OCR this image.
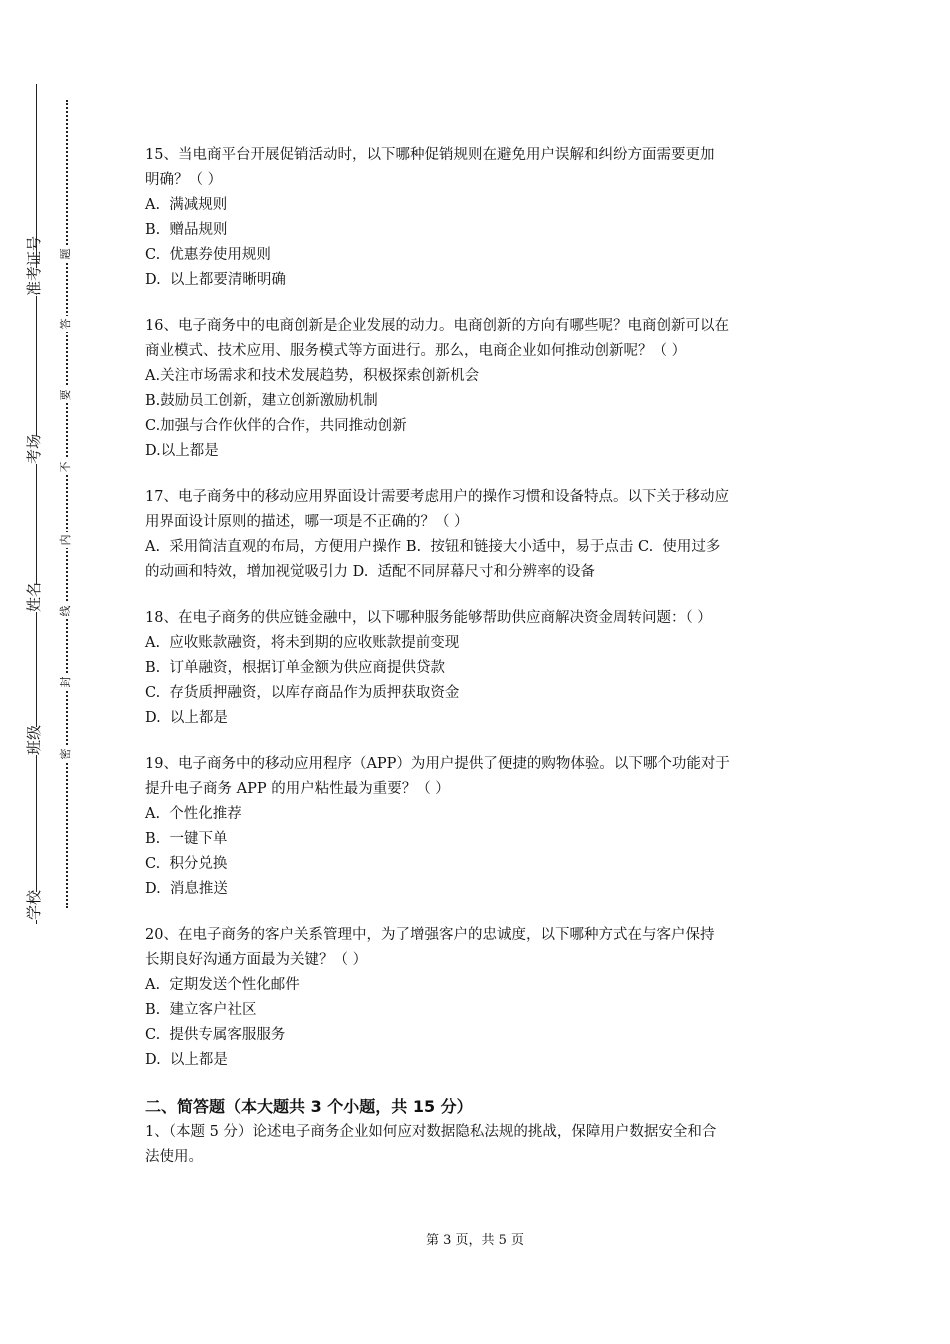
准考证号
考场
姓名
班级
学校
题
答
要
不
内
线
封
密

15、当电商平台开展促销活动时，以下哪种促销规则在避免用户误解和纠纷方面需要更加

明确？（ ）

A.  满减规则

B.  赠品规则

C.  优惠券使用规则

D.  以上都要清晰明确

16、电子商务中的电商创新是企业发展的动力。电商创新的方向有哪些呢？电商创新可以在

商业模式、技术应用、服务模式等方面进行。那么，电商企业如何推动创新呢？（ ）

A.关注市场需求和技术发展趋势，积极探索创新机会

B.鼓励员工创新，建立创新激励机制

C.加强与合作伙伴的合作，共同推动创新

D.以上都是

17、电子商务中的移动应用界面设计需要考虑用户的操作习惯和设备特点。以下关于移动应

用界面设计原则的描述，哪一项是不正确的？（ ）

A.  采用简洁直观的布局，方便用户操作 B.  按钮和链接大小适中，易于点击 C.  使用过多

的动画和特效，增加视觉吸引力 D.  适配不同屏幕尺寸和分辨率的设备

18、在电子商务的供应链金融中，以下哪种服务能够帮助供应商解决资金周转问题：（ ）

A.  应收账款融资，将未到期的应收账款提前变现

B.  订单融资，根据订单金额为供应商提供贷款

C.  存货质押融资，以库存商品作为质押获取资金

D.  以上都是

19、电子商务中的移动应用程序（APP）为用户提供了便捷的购物体验。以下哪个功能对于

提升电子商务 APP 的用户粘性最为重要？（ ）

A.  个性化推荐

B.  一键下单

C.  积分兑换

D.  消息推送

20、在电子商务的客户关系管理中，为了增强客户的忠诚度，以下哪种方式在与客户保持

长期良好沟通方面最为关键？（ ）

A.  定期发送个性化邮件

B.  建立客户社区

C.  提供专属客服服务

D.  以上都是

二、简答题（本大题共 3 个小题，共 15 分）

1、（本题 5 分）论述电子商务企业如何应对数据隐私法规的挑战，保障用户数据安全和合

法使用。

第 3 页，共 5 页
